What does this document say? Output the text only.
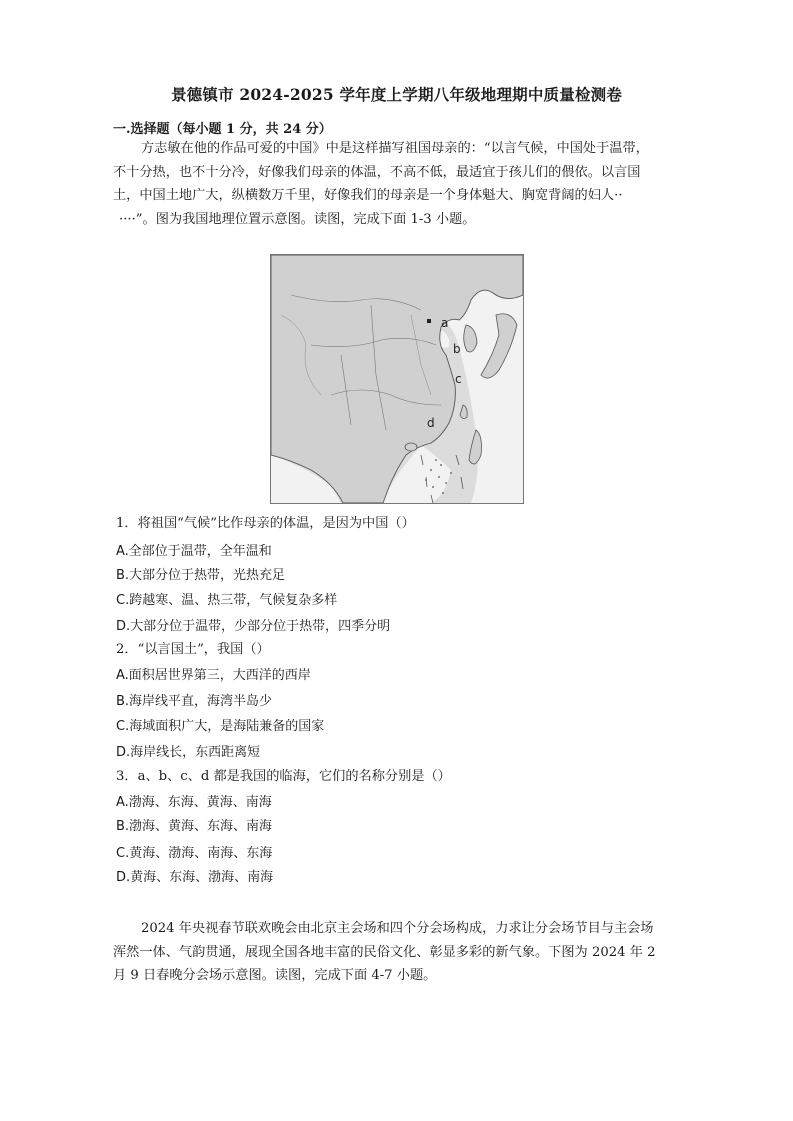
景德镇市 2024-2025 学年度上学期八年级地理期中质量检测卷
一.选择题（每小题 1 分，共 24 分）
方志敏在他的作品可爱的中国》中是这样描写祖国母亲的：“以言气候，中国处于温带，
不十分热，也不十分冷，好像我们母亲的体温，不高不低，最适宜于孩儿们的偎依。以言国
土，中国土地广大，纵横数万千里，好像我们的母亲是一个身体魁大、胸宽背阔的妇人··
····”。图为我国地理位置示意图。读图，完成下面 1-3 小题。
a
b
c
d
1．将祖国“气候”比作母亲的体温，是因为中国（）
A.全部位于温带，全年温和
B.大部分位于热带，光热充足
C.跨越寒、温、热三带，气候复杂多样
D.大部分位于温带，少部分位于热带，四季分明
2．“以言国土”，我国（）
A.面积居世界第三，大西洋的西岸
B.海岸线平直，海湾半岛少
C.海域面积广大，是海陆兼备的国家
D.海岸线长，东西距离短
3．a、b、c、d 都是我国的临海，它们的名称分别是（）
A.渤海、东海、黄海、南海
B.渤海、黄海、东海、南海
C.黄海、渤海、南海、东海
D.黄海、东海、渤海、南海
2024 年央视春节联欢晚会由北京主会场和四个分会场构成，力求让分会场节目与主会场
浑然一体、气韵贯通，展现全国各地丰富的民俗文化、彰显多彩的新气象。下图为 2024 年 2
月 9 日春晚分会场示意图。读图，完成下面 4-7 小题。
